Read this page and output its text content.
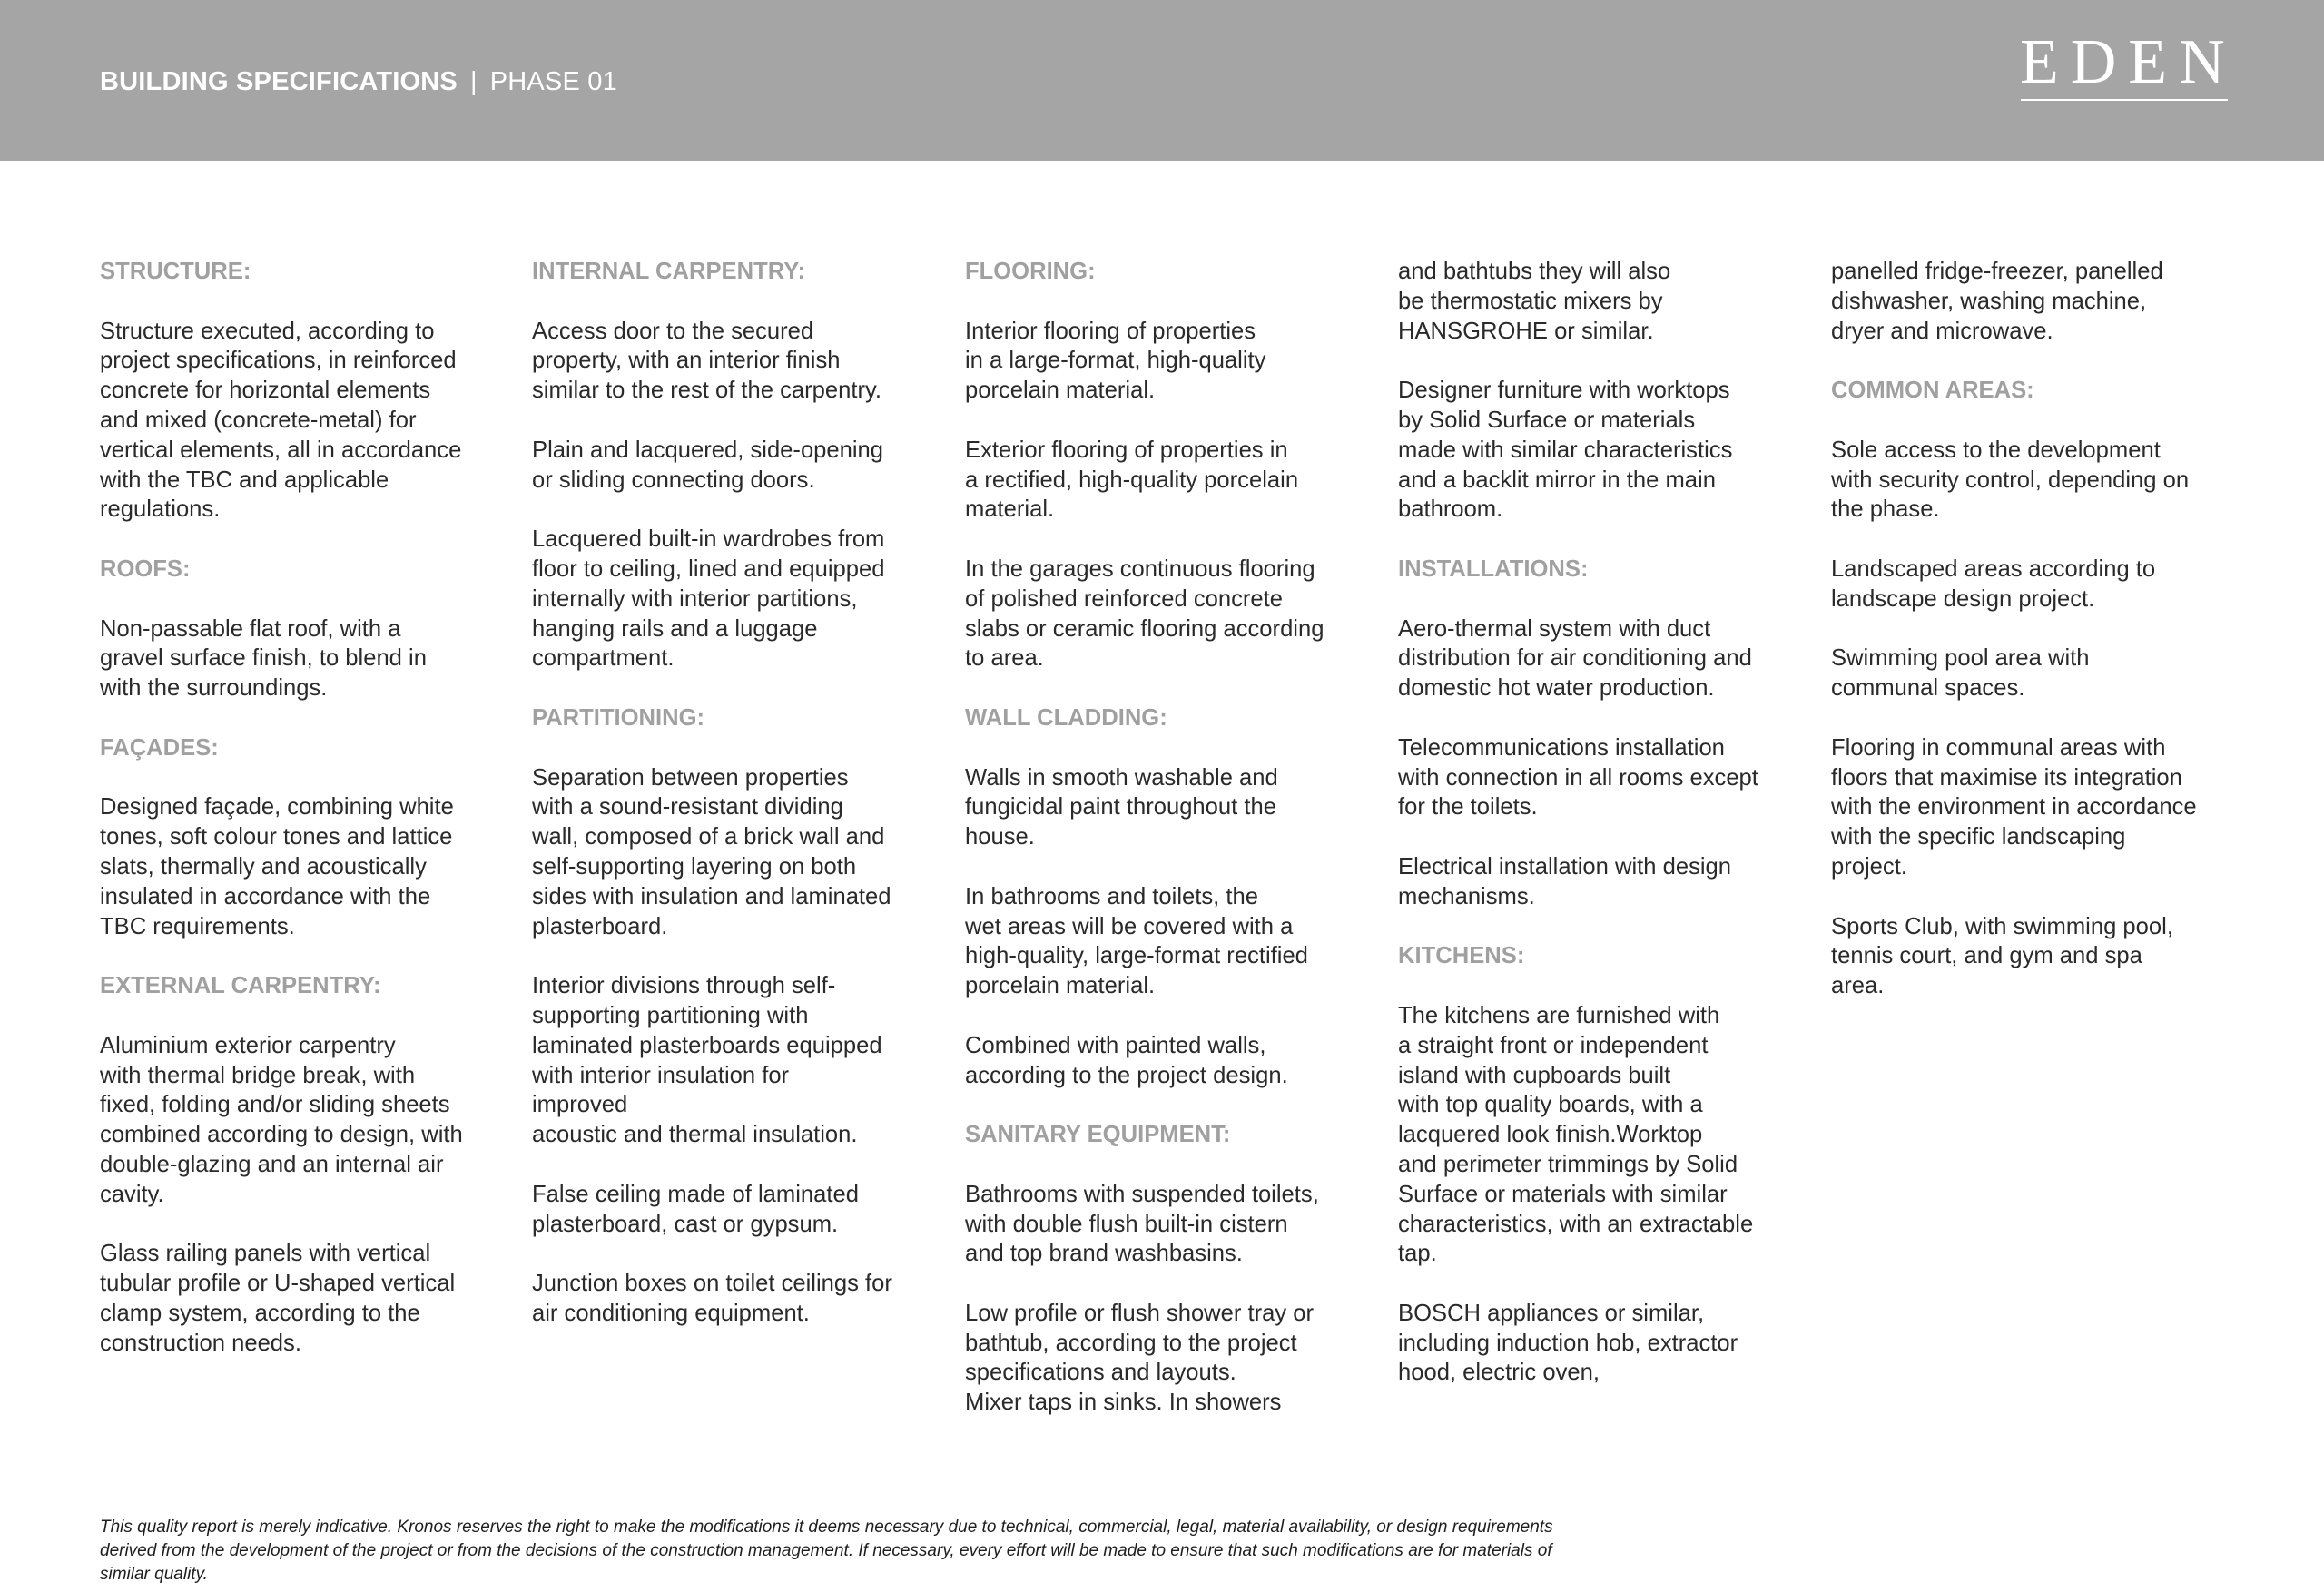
BUILDING SPECIFICATIONS | PHASE 01	EDEN
STRUCTURE:

Structure executed, according to
project specifications, in reinforced
concrete for horizontal elements
and mixed (concrete-metal) for
vertical elements, all in accordance
with the TBC and applicable
regulations.

ROOFS:

Non-passable flat roof, with a
gravel surface finish, to blend in
with the surroundings.

FAÇADES:

Designed façade, combining white
tones, soft colour tones and lattice
slats, thermally and acoustically
insulated in accordance with the
TBC requirements.

EXTERNAL CARPENTRY:

Aluminium exterior carpentry
with thermal bridge break, with
fixed, folding and/or sliding sheets
combined according to design, with
double-glazing and an internal air
cavity.

Glass railing panels with vertical
tubular profile or U-shaped vertical
clamp system, according to the
construction needs.

INTERNAL CARPENTRY:

Access door to the secured
property, with an interior finish
similar to the rest of the carpentry.

Plain and lacquered, side-opening
or sliding connecting doors.

Lacquered built-in wardrobes from
floor to ceiling, lined and equipped
internally with interior partitions,
hanging rails and a luggage
compartment.

PARTITIONING:

Separation between properties
with a sound-resistant dividing
wall, composed of a brick wall and
self-supporting layering on both
sides with insulation and laminated
plasterboard.

Interior divisions through self-
supporting partitioning with
laminated plasterboards equipped
with interior insulation for
improved
acoustic and thermal insulation.

False ceiling made of laminated
plasterboard, cast or gypsum.

Junction boxes on toilet ceilings for
air conditioning equipment.

FLOORING:

Interior flooring of properties
in a large-format, high-quality
porcelain material.

Exterior flooring of properties in
a rectified, high-quality porcelain
material.

In the garages continuous flooring
of polished reinforced concrete
slabs or ceramic flooring according
to area.

WALL CLADDING:

Walls in smooth washable and
fungicidal paint throughout the
house.

In bathrooms and toilets, the
wet areas will be covered with a
high-quality, large-format rectified
porcelain material.

Combined with painted walls,
according to the project design.

SANITARY EQUIPMENT:

Bathrooms with suspended toilets,
with double flush built-in cistern
and top brand washbasins.

Low profile or flush shower tray or
bathtub, according to the project
specifications and layouts.
Mixer taps in sinks. In showers

and bathtubs they will also
be thermostatic mixers by
HANSGROHE or similar.

Designer furniture with worktops
by Solid Surface or materials
made with similar characteristics
and a backlit mirror in the main
bathroom.

INSTALLATIONS:

Aero-thermal system with duct
distribution for air conditioning and
domestic hot water production.

Telecommunications installation
with connection in all rooms except
for the toilets.

Electrical installation with design
mechanisms.

KITCHENS:

The kitchens are furnished with
a straight front or independent
island with cupboards built
with top quality boards, with a
lacquered look finish.Worktop
and perimeter trimmings by Solid
Surface or materials with similar
characteristics, with an extractable
tap.

BOSCH appliances or similar,
including induction hob, extractor
hood, electric oven,

panelled fridge-freezer, panelled
dishwasher, washing machine,
dryer and microwave.

COMMON AREAS:

Sole access to the development
with security control, depending on
the phase.

Landscaped areas according to
landscape design project.

Swimming pool area with
communal spaces.

Flooring in communal areas with
floors that maximise its integration
with the environment in accordance
with the specific landscaping
project.

Sports Club, with swimming pool,
tennis court, and gym and spa
area.

This quality report is merely indicative. Kronos reserves the right to make the modifications it deems necessary due to technical, commercial, legal, material availability, or design requirements
derived from the development of the project or from the decisions of the construction management. If necessary, every effort will be made to ensure that such modifications are for materials of
similar quality.
